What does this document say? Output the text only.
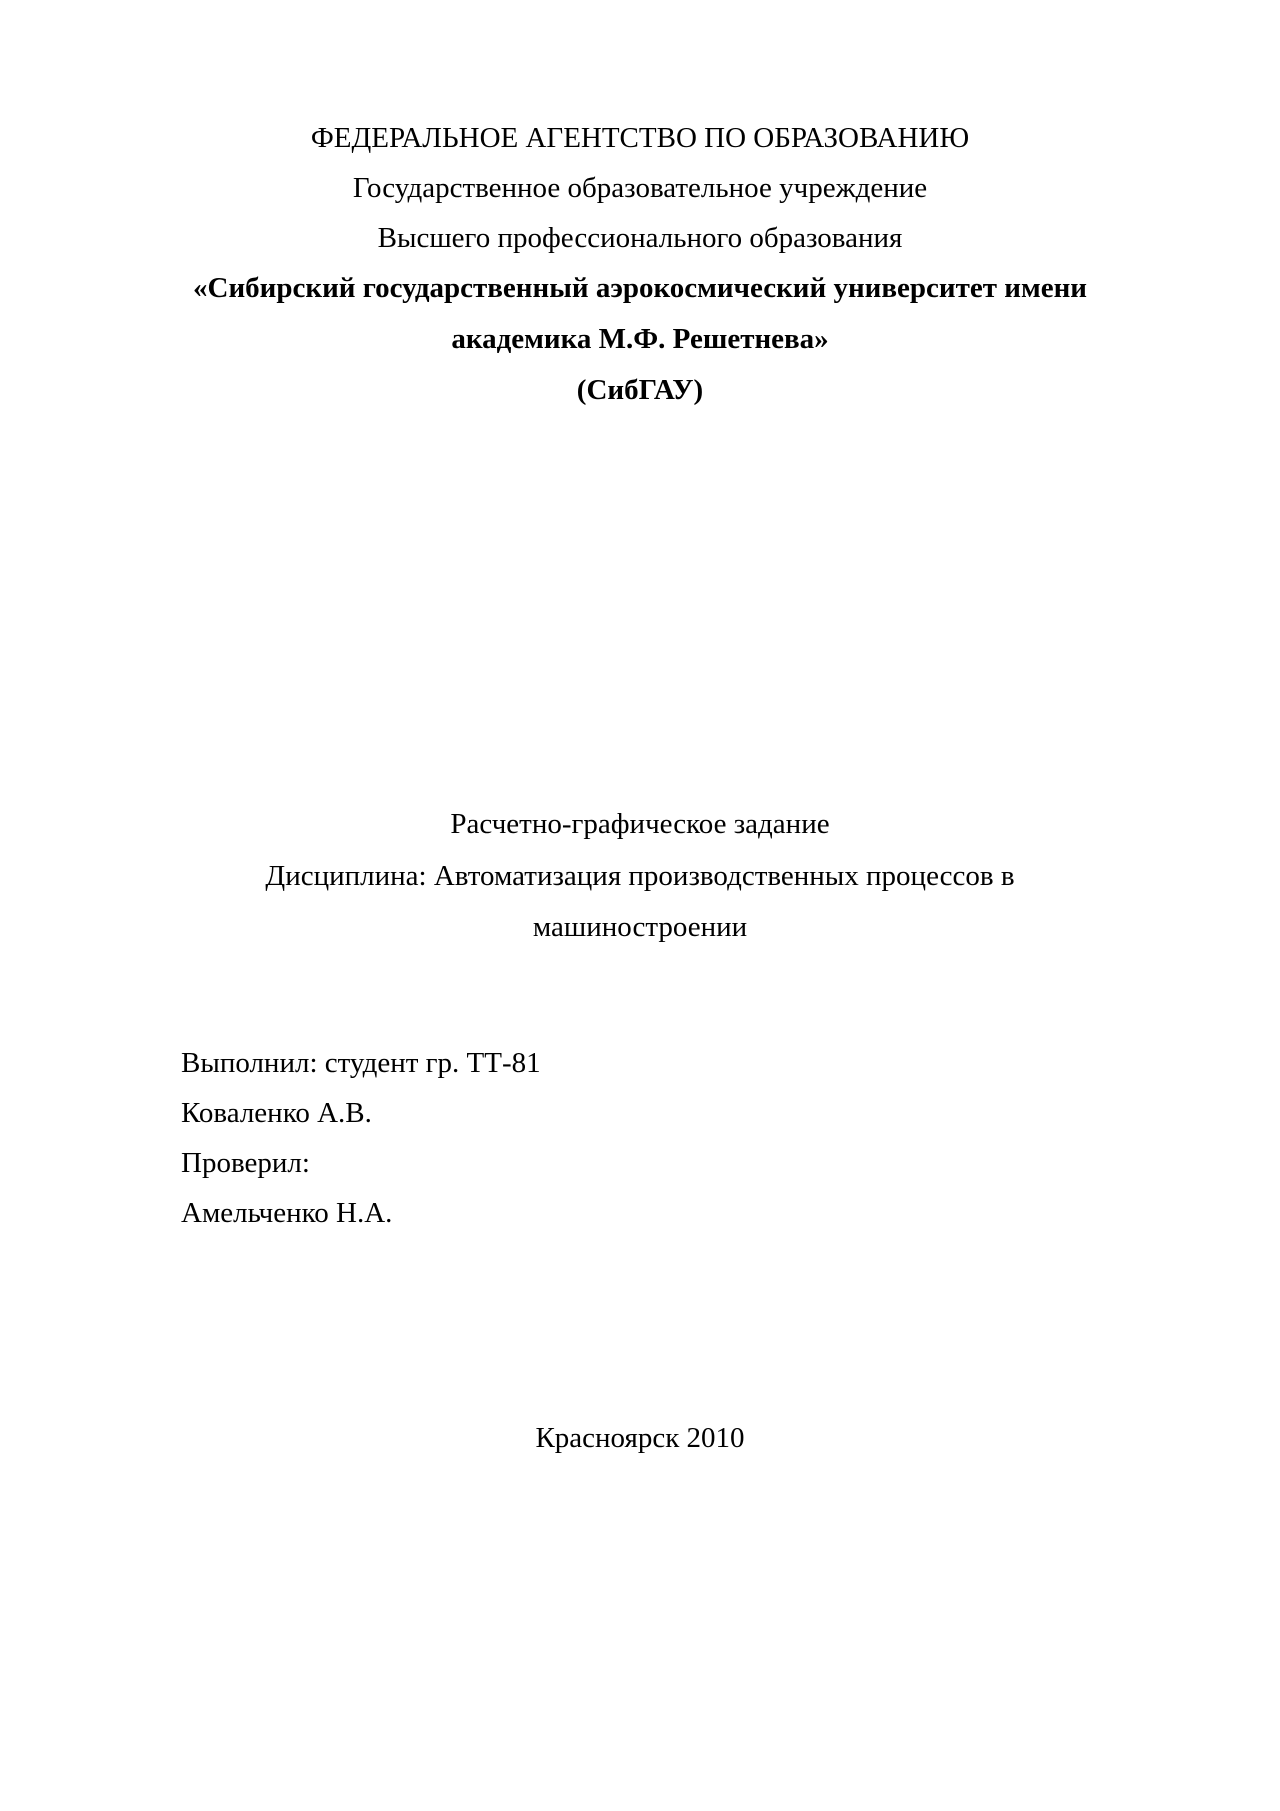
ФЕДЕРАЛЬНОЕ АГЕНТСТВО ПО ОБРАЗОВАНИЮ
Государственное образовательное учреждение
Высшего профессионального образования
«Сибирский государственный аэрокосмический университет имени
академика М.Ф. Решетнева»
(СибГАУ)
Расчетно-графическое задание
Дисциплина: Автоматизация производственных процессов в
машиностроении
Выполнил: студент гр. ТТ-81
Коваленко А.В.
Проверил:
Амельченко Н.А.
Красноярск 2010
